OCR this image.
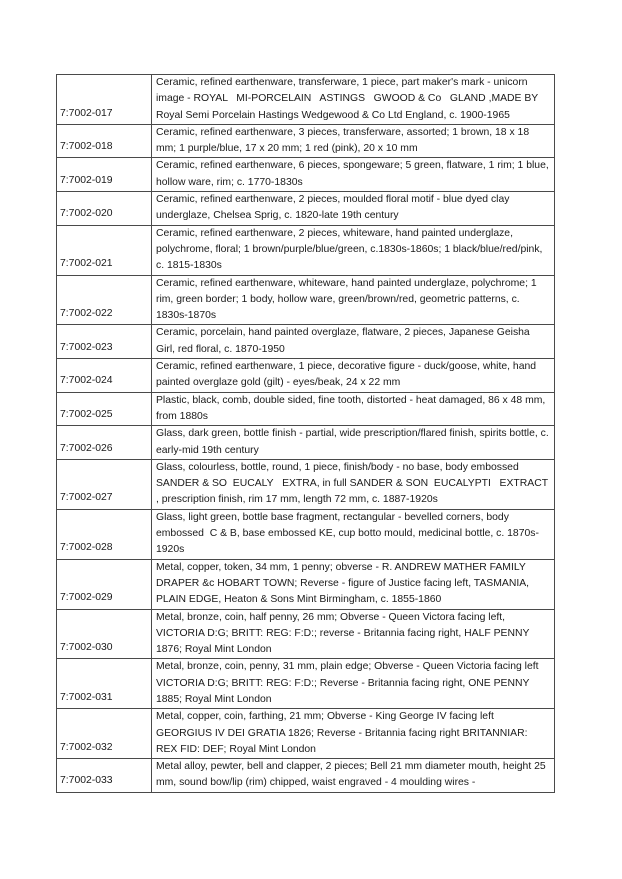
7:7002-017	Ceramic, refined earthenware, transferware, 1 piece, part maker's mark - unicorn image - ROYAL   MI-PORCELAIN   ASTINGS   GWOOD & Co   GLAND ,MADE BY Royal Semi Porcelain Hastings Wedgewood & Co Ltd England, c. 1900-1965
7:7002-018	Ceramic, refined earthenware, 3 pieces, transferware, assorted; 1 brown, 18 x 18 mm; 1 purple/blue, 17 x 20 mm; 1 red (pink), 20 x 10 mm
7:7002-019	Ceramic, refined earthenware, 6 pieces, spongeware; 5 green, flatware, 1 rim; 1 blue, hollow ware, rim; c. 1770-1830s
7:7002-020	Ceramic, refined earthenware, 2 pieces, moulded floral motif - blue dyed clay underglaze, Chelsea Sprig, c. 1820-late 19th century
7:7002-021	Ceramic, refined earthenware, 2 pieces, whiteware, hand painted underglaze, polychrome, floral; 1 brown/purple/blue/green, c.1830s-1860s; 1 black/blue/red/pink, c. 1815-1830s
7:7002-022	Ceramic, refined earthenware, whiteware, hand painted underglaze, polychrome; 1 rim, green border; 1 body, hollow ware, green/brown/red, geometric patterns, c. 1830s-1870s
7:7002-023	Ceramic, porcelain, hand painted overglaze, flatware, 2 pieces, Japanese Geisha Girl, red floral, c. 1870-1950
7:7002-024	Ceramic, refined earthenware, 1 piece, decorative figure - duck/goose, white, hand painted overglaze gold (gilt) - eyes/beak, 24 x 22 mm
7:7002-025	Plastic, black, comb, double sided, fine tooth, distorted - heat damaged, 86 x 48 mm, from 1880s
7:7002-026	Glass, dark green, bottle finish - partial, wide prescription/flared finish, spirits bottle, c. early-mid 19th century
7:7002-027	Glass, colourless, bottle, round, 1 piece, finish/body - no base, body embossed SANDER & SO  EUCALY   EXTRA, in full SANDER & SON  EUCALYPTI   EXTRACT , prescription finish, rim 17 mm, length 72 mm, c. 1887-1920s
7:7002-028	Glass, light green, bottle base fragment, rectangular - bevelled corners, body embossed  C & B, base embossed KE, cup botto mould, medicinal bottle, c. 1870s-1920s
7:7002-029	Metal, copper, token, 34 mm, 1 penny; obverse - R. ANDREW MATHER FAMILY DRAPER &c HOBART TOWN; Reverse - figure of Justice facing left, TASMANIA, PLAIN EDGE, Heaton & Sons Mint Birmingham, c. 1855-1860
7:7002-030	Metal, bronze, coin, half penny, 26 mm; Obverse - Queen Victora facing left, VICTORIA D:G; BRITT: REG: F:D:; reverse - Britannia facing right, HALF PENNY 1876; Royal Mint London
7:7002-031	Metal, bronze, coin, penny, 31 mm, plain edge; Obverse - Queen Victoria facing left VICTORIA D:G; BRITT: REG: F:D:; Reverse - Britannia facing right, ONE PENNY 1885; Royal Mint London
7:7002-032	Metal, copper, coin, farthing, 21 mm; Obverse - King George IV facing left GEORGIUS IV DEI GRATIA 1826; Reverse - Britannia facing right BRITANNIAR: REX FID: DEF; Royal Mint London
7:7002-033	Metal alloy, pewter, bell and clapper, 2 pieces; Bell 21 mm diameter mouth, height 25 mm, sound bow/lip (rim) chipped, waist engraved - 4 moulding wires -
